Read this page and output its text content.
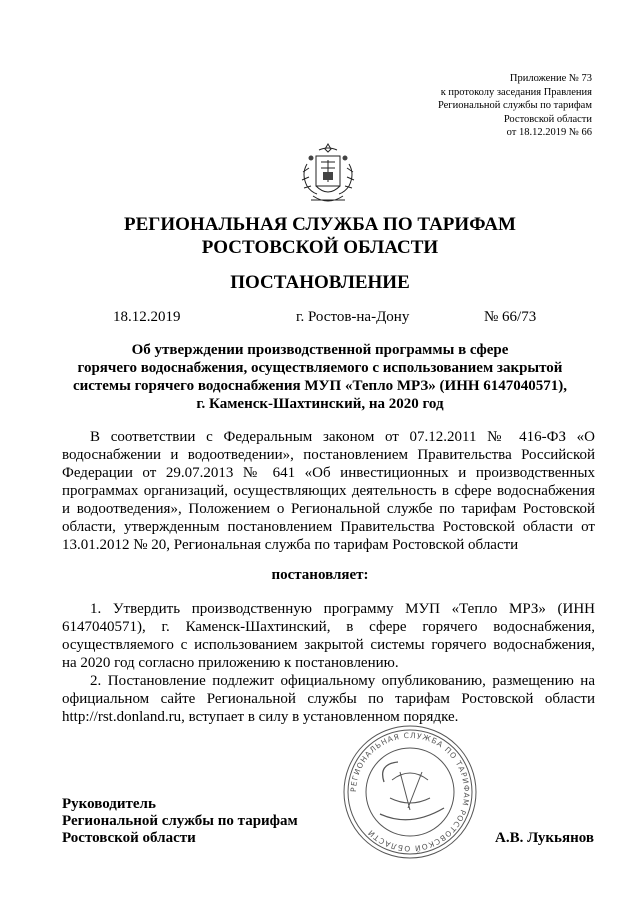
Приложение № 73
к протоколу заседания Правления
Региональной службы по тарифам
Ростовской области
от 18.12.2019 № 66
РЕГИОНАЛЬНАЯ СЛУЖБА ПО ТАРИФАМ
РОСТОВСКОЙ ОБЛАСТИ
ПОСТАНОВЛЕНИЕ
18.12.2019	г. Ростов-на-Дону	№ 66/73
Об утверждении производственной программы в сфере
горячего водоснабжения, осуществляемого с использованием закрытой
системы горячего водоснабжения МУП «Тепло МРЗ» (ИНН 6147040571),
г. Каменск-Шахтинский, на 2020 год

В соответствии с Федеральным законом от 07.12.2011 № 416-ФЗ «О водоснабжении и водоотведении», постановлением Правительства Российской Федерации от 29.07.2013 № 641 «Об инвестиционных и производственных программах организаций, осуществляющих деятельность в сфере водоснабжения и водоотведения», Положением о Региональной службе по тарифам Ростовской области, утвержденным постановлением Правительства Ростовской области от 13.01.2012 № 20, Региональная служба по тарифам Ростовской области

постановляет:

1. Утвердить производственную программу МУП «Тепло МРЗ» (ИНН 6147040571), г. Каменск-Шахтинский, в сфере горячего водоснабжения, осуществляемого с использованием закрытой системы горячего водоснабжения, на 2020 год согласно приложению к постановлению.

2. Постановление подлежит официальному опубликованию, размещению на официальном сайте Региональной службы по тарифам Ростовской области http://rst.donland.ru, вступает в силу в установленном порядке.

РЕГИОНАЛЬНАЯ СЛУЖБА ПО ТАРИФАМ РОСТОВСКОЙ ОБЛАСТИ
Руководитель
Региональной службы по тарифам
Ростовской области	А.В. Лукьянов
